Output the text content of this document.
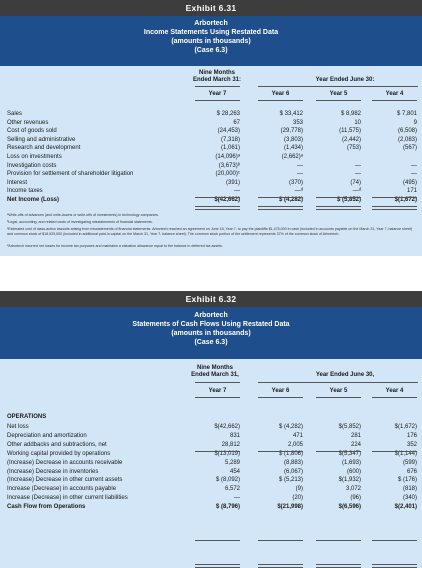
Exhibit 6.31
Arbortech
Income Statements Using Restated Data
(amounts in thousands)
(Case 6.3)
Nine Months
Ended March 31:	Year Ended June 30:
Year 7	Year 6	Year 5	Year 4
Sales	$ 28,263	$ 33,412	$ 8,982	$ 7,801
Other revenues	67	353	10	9
Cost of goods sold	(24,453)	(29,778)	(11,575)	(6,508)
Selling and administrative	(7,318)	(3,803)	(2,442)	(2,083)
Research and development	(1,061)	(1,434)	(753)	(567)
Loss on investments	(14,096)ᵃ	(2,662)ᵃ
Investigation costs	(3,673)ᵇ	—	—	—
Provision for settlement of shareholder litigation	(20,000)ᶜ	—	—	—
Interest	(391)	(370)	(74)	(495)
Income taxes	—	—ᵈ	—ᵈ	171
Net Income (Loss)	$(42,662)	$ (4,282)	$ (5,852)	$(1,672)
ᵃWrite-offs of advances (and write-downs or write-offs of investments) in technology companies.
ᵇLegal, accounting, and related costs of investigating misstatements of financial statements.
ᶜEstimated cost of class-action lawsuits arising from misstatements of financial statements. Arbortech reached an agreement on June 18, Year 7, to pay the plaintiffs $1,475,000 in cash (included in accounts payable on the March 31, Year 7, balance sheet) and common stock of $18,525,000 (included in additional paid-in capital on the March 31, Year 7, balance sheet). The common stock portion of the settlement represents 37% of the common stock of Arbortech.
ᵈArbortech incurred net losses for income tax purposes and maintains a valuation allowance equal to the balance in deferred tax assets.
Exhibit 6.32
Arbortech
Statements of Cash Flows Using Restated Data
(amounts in thousands)
(Case 6.3)
Nine Months
Ended March 31,	Year Ended June 30,
Year 7	Year 6	Year 5	Year 4
OPERATIONS
Net loss	$(42,662)	$ (4,282)	$(5,852)	$(1,672)
Depreciation and amortization	831	471	281	176
Other addbacks and subtractions, net	28,812	2,005	224	352
Working capital provided by operations	$(13,019)	$ (1,806)	$(5,347)	$(1,144)
(Increase) Decrease in accounts receivable	5,289	(8,883)	(1,693)	(599)
(Increase) Decrease in inventories	454	(6,067)	(600)	676
(Increase) Decrease in other current assets	$ (8,092)	$ (5,213)	$(1,932)	$ (176)
Increase (Decrease) in accounts payable	6,572	(9)	3,072	(818)
Increase (Decrease) in other current liabilities	—	(20)	(96)	(340)
Cash Flow from Operations	$ (8,796)	$(21,998)	$(6,596)	$(2,401)
